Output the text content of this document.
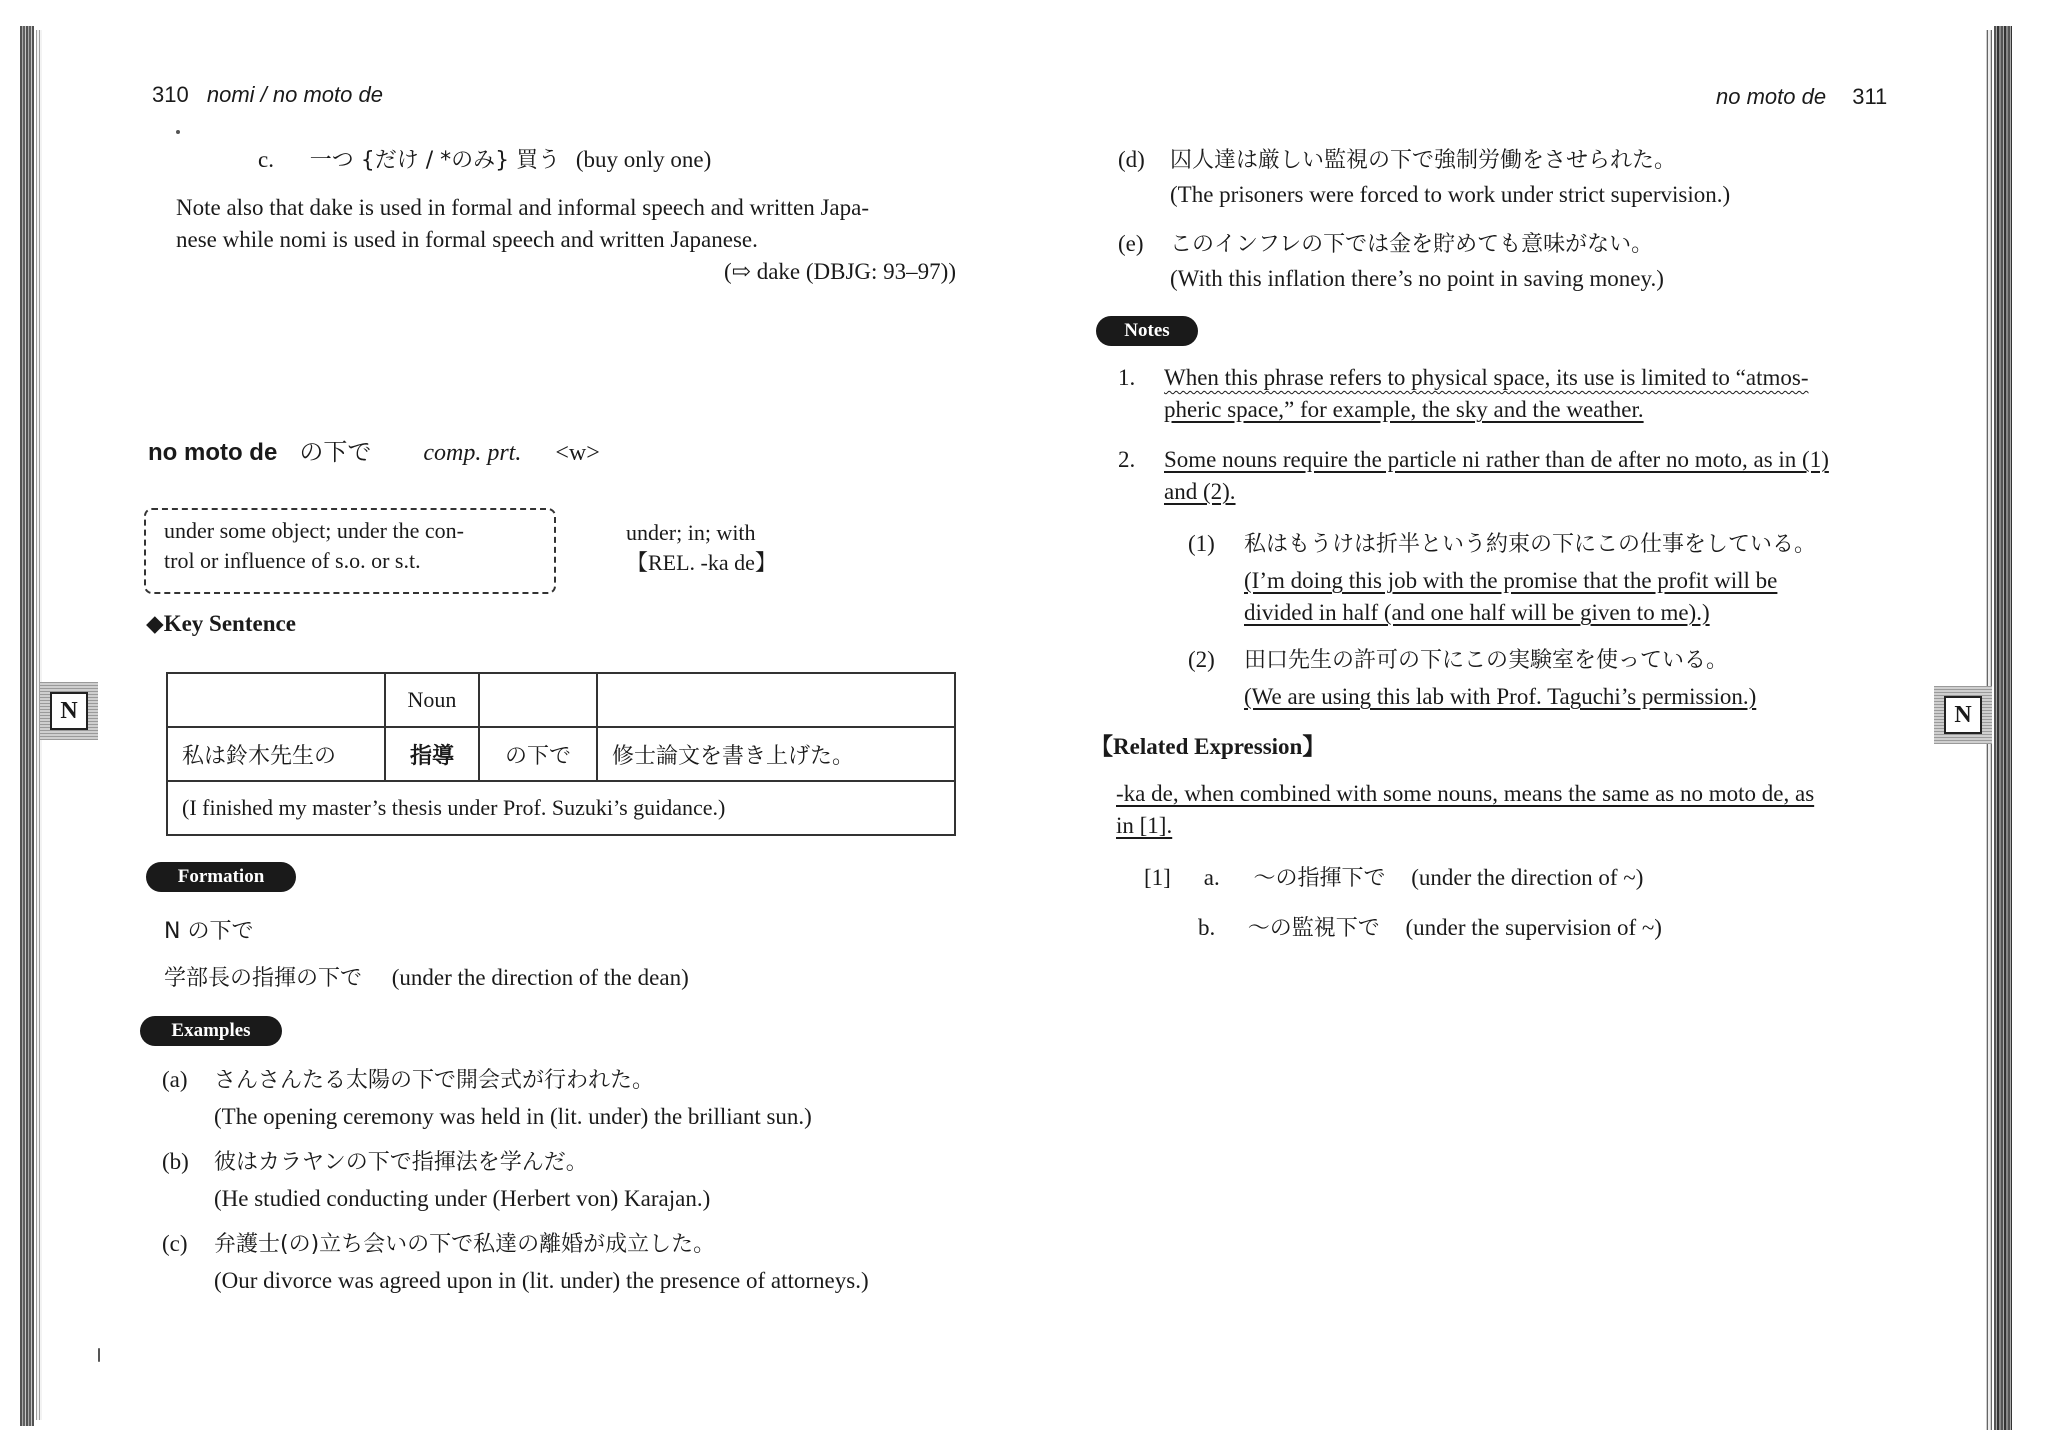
310 nomi / no moto de
c. 一つ {だけ / *のみ} 買う (buy only one)
Note also that dake is used in formal and informal speech and written Japa-
nese while nomi is used in formal speech and written Japanese.
(⇨ dake (DBJG: 93–97))
no moto de の下で comp. prt. <w>
under some object; under the con-
trol or influence of s.o. or s.t.
under; in; with
【REL. -ka de】
◆Key Sentence
	Noun		
私は鈴木先生の	指導	の下で	修士論文を書き上げた。
(I finished my master’s thesis under Prof. Suzuki’s guidance.)			
Formation
N の下で
学部長の指揮の下で (under the direction of the dean)
Examples
(a) さんさんたる太陽の下で開会式が行われた。
(The opening ceremony was held in (lit. under) the brilliant sun.)
(b) 彼はカラヤンの下で指揮法を学んだ。
(He studied conducting under (Herbert von) Karajan.)
(c) 弁護士(の)立ち会いの下で私達の離婚が成立した。
(Our divorce was agreed upon in (lit. under) the presence of attorneys.)
N
no moto de 311
(d) 囚人達は厳しい監視の下で強制労働をさせられた。
(The prisoners were forced to work under strict supervision.)
(e) このインフレの下では金を貯めても意味がない。
(With this inflation there’s no point in saving money.)
Notes
1.	When this phrase refers to physical space, its use is limited to “atmos-
pheric space,” for example, the sky and the weather.
2.	Some nouns require the particle ni rather than de after no moto, as in (1)
and (2).
(1) 私はもうけは折半という約束の下にこの仕事をしている。
(I’m doing this job with the promise that the profit will be
divided in half (and one half will be given to me).)
(2) 田口先生の許可の下にこの実験室を使っている。
(We are using this lab with Prof. Taguchi’s permission.)
【Related Expression】
-ka de, when combined with some nouns, means the same as no moto de, as
in [1].
[1] a. ～の指揮下で (under the direction of ~)
b. ～の監視下で (under the supervision of ~)
N
